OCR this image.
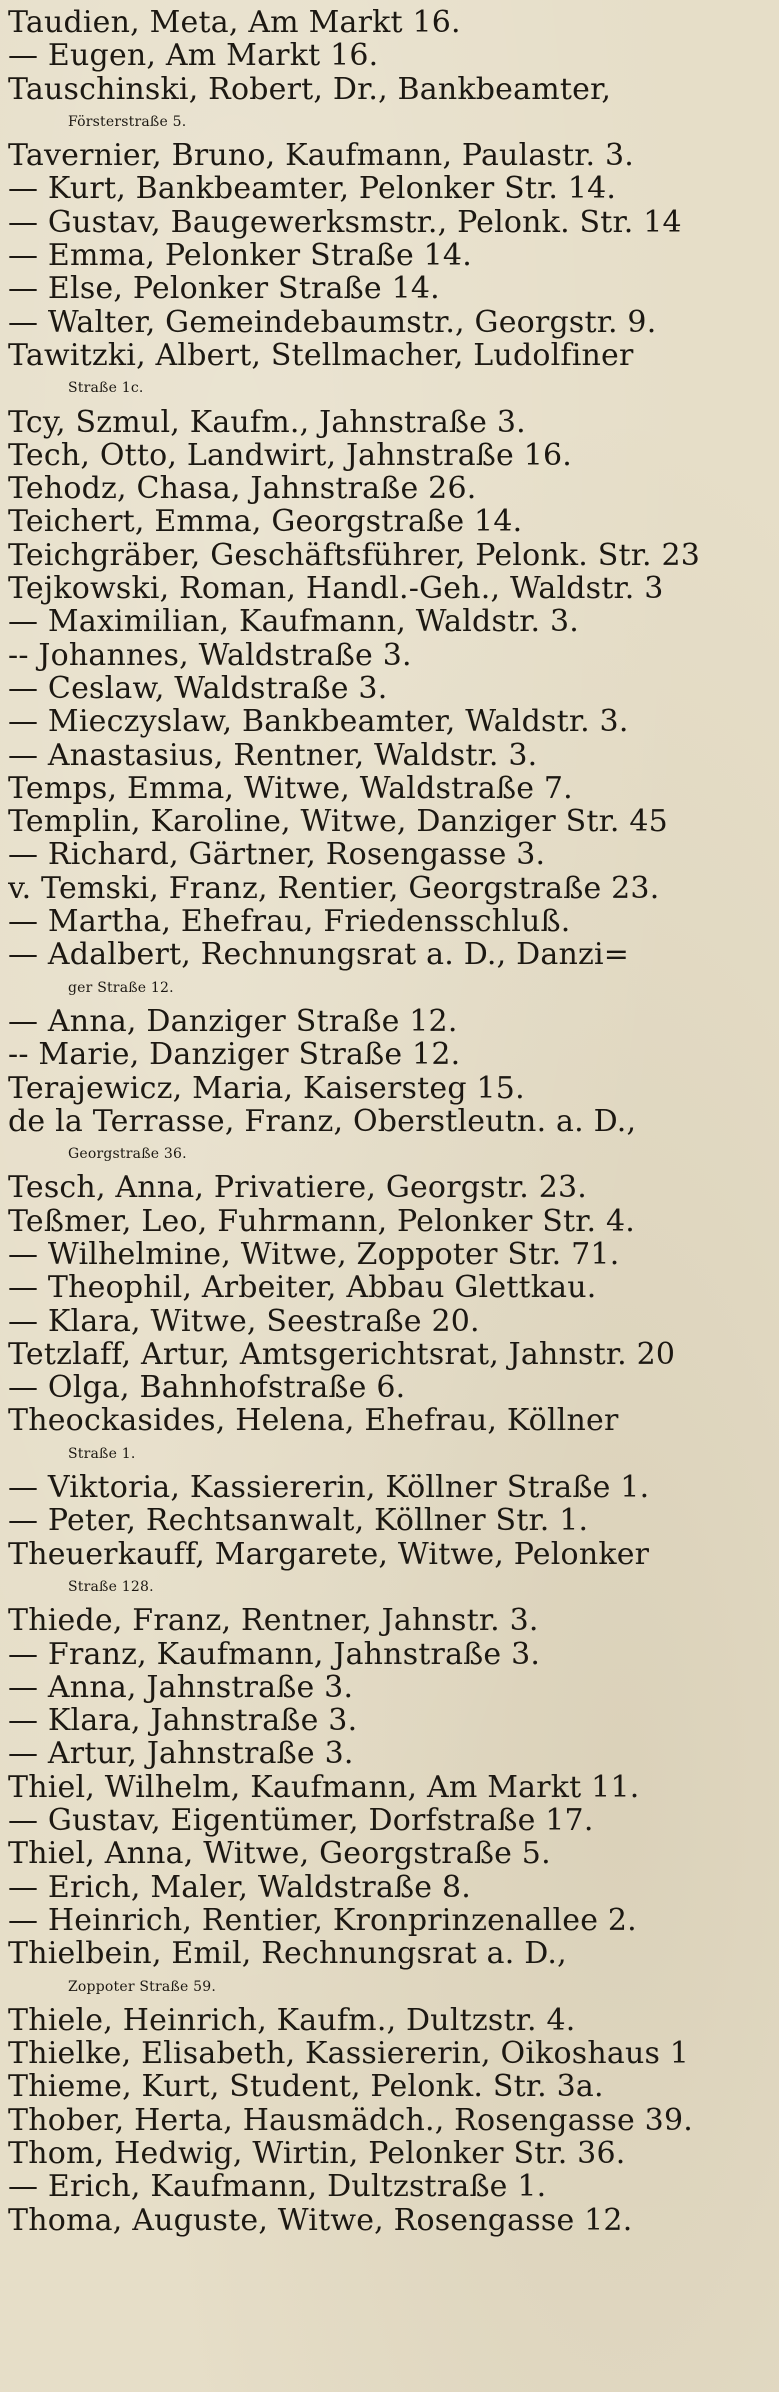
Taudien, Meta, Am Markt 16.
— Eugen, Am Markt 16.
Tauschinski, Robert, Dr., Bankbeamter,
Försterstraße 5.
Tavernier, Bruno, Kaufmann, Paulastr. 3.
— Kurt, Bankbeamter, Pelonker Str. 14.
— Gustav, Baugewerksmstr., Pelonk. Str. 14
— Emma, Pelonker Straße 14.
— Else, Pelonker Straße 14.
— Walter, Gemeindebaumstr., Georgstr. 9.
Tawitzki, Albert, Stellmacher, Ludolfiner
Straße 1c.
Tcy, Szmul, Kaufm., Jahnstraße 3.
Tech, Otto, Landwirt, Jahnstraße 16.
Tehodz, Chasa, Jahnstraße 26.
Teichert, Emma, Georgstraße 14.
Teichgräber, Geschäftsführer, Pelonk. Str. 23
Tejkowski, Roman, Handl.-Geh., Waldstr. 3
— Maximilian, Kaufmann, Waldstr. 3.
-- Johannes, Waldstraße 3.
— Ceslaw, Waldstraße 3.
— Mieczyslaw, Bankbeamter, Waldstr. 3.
— Anastasius, Rentner, Waldstr. 3.
Temps, Emma, Witwe, Waldstraße 7.
Templin, Karoline, Witwe, Danziger Str. 45
— Richard, Gärtner, Rosengasse 3.
v. Temski, Franz, Rentier, Georgstraße 23.
— Martha, Ehefrau, Friedensschluß.
— Adalbert, Rechnungsrat a. D., Danzi=
ger Straße 12.
— Anna, Danziger Straße 12.
-- Marie, Danziger Straße 12.
Terajewicz, Maria, Kaisersteg 15.
de la Terrasse, Franz, Oberstleutn. a. D.,
Georgstraße 36.
Tesch, Anna, Privatiere, Georgstr. 23.
Teßmer, Leo, Fuhrmann, Pelonker Str. 4.
— Wilhelmine, Witwe, Zoppoter Str. 71.
— Theophil, Arbeiter, Abbau Glettkau.
— Klara, Witwe, Seestraße 20.
Tetzlaff, Artur, Amtsgerichtsrat, Jahnstr. 20
— Olga, Bahnhofstraße 6.
Theockasides, Helena, Ehefrau, Köllner
Straße 1.
— Viktoria, Kassiererin, Köllner Straße 1.
— Peter, Rechtsanwalt, Köllner Str. 1.
Theuerkauff, Margarete, Witwe, Pelonker
Straße 128.
Thiede, Franz, Rentner, Jahnstr. 3.
— Franz, Kaufmann, Jahnstraße 3.
— Anna, Jahnstraße 3.
— Klara, Jahnstraße 3.
— Artur, Jahnstraße 3.
Thiel, Wilhelm, Kaufmann, Am Markt 11.
— Gustav, Eigentümer, Dorfstraße 17.
Thiel, Anna, Witwe, Georgstraße 5.
— Erich, Maler, Waldstraße 8.
— Heinrich, Rentier, Kronprinzenallee 2.
Thielbein, Emil, Rechnungsrat a. D.,
Zoppoter Straße 59.
Thiele, Heinrich, Kaufm., Dultzstr. 4.
Thielke, Elisabeth, Kassiererin, Oikoshaus 1
Thieme, Kurt, Student, Pelonk. Str. 3a.
Thober, Herta, Hausmädch., Rosengasse 39.
Thom, Hedwig, Wirtin, Pelonker Str. 36.
— Erich, Kaufmann, Dultzstraße 1.
Thoma, Auguste, Witwe, Rosengasse 12.
